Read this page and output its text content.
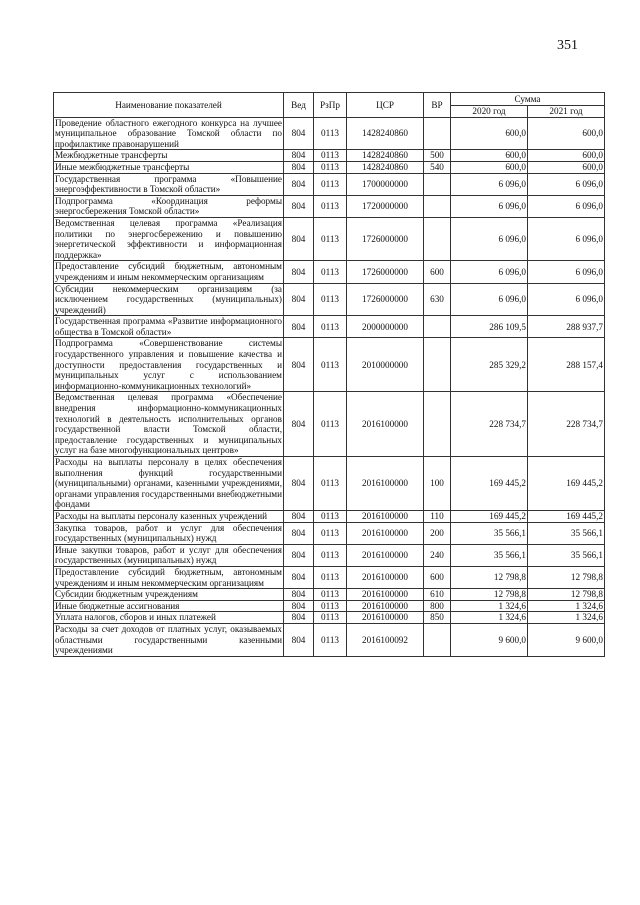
351
Наименование показателей	Вед	РзПр	ЦСР	ВР	Сумма	
					2020 год	2021 год
Проведение областного ежегодного конкурса на лучшее муниципальное образование Томской области по профилактике правонарушений	804	0113	1428240860		600,0	600,0
Межбюджетные трансферты	804	0113	1428240860	500	600,0	600,0
Иные межбюджетные трансферты	804	0113	1428240860	540	600,0	600,0
Государственная программа «Повышение энергоэффективности в Томской области»	804	0113	1700000000		6 096,0	6 096,0
Подпрограмма «Координация реформы энергосбережения Томской области»	804	0113	1720000000		6 096,0	6 096,0
Ведомственная целевая программа «Реализация политики по энергосбережению и повышению энергетической эффективности и информационная поддержка»	804	0113	1726000000		6 096,0	6 096,0
Предоставление субсидий бюджетным, автономным учреждениям и иным некоммерческим организациям	804	0113	1726000000	600	6 096,0	6 096,0
Субсидии некоммерческим организациям (за исключением государственных (муниципальных) учреждений)	804	0113	1726000000	630	6 096,0	6 096,0
Государственная программа «Развитие информационного общества в Томской области»	804	0113	2000000000		286 109,5	288 937,7
Подпрограмма «Совершенствование системы государственного управления и повышение качества и доступности предоставления государственных и муниципальных услуг с использованием информационно-коммуникационных технологий»	804	0113	2010000000		285 329,2	288 157,4
Ведомственная целевая программа «Обеспечение внедрения информационно-коммуникационных технологий в деятельность исполнительных органов государственной власти Томской области, предоставление государственных и муниципальных услуг на базе многофункциональных центров»	804	0113	2016100000		228 734,7	228 734,7
Расходы на выплаты персоналу в целях обеспечения выполнения функций государственными (муниципальными) органами, казенными учреждениями, органами управления государственными внебюджетными фондами	804	0113	2016100000	100	169 445,2	169 445,2
Расходы на выплаты персоналу казенных учреждений	804	0113	2016100000	110	169 445,2	169 445,2
Закупка товаров, работ и услуг для обеспечения государственных (муниципальных) нужд	804	0113	2016100000	200	35 566,1	35 566,1
Иные закупки товаров, работ и услуг для обеспечения государственных (муниципальных) нужд	804	0113	2016100000	240	35 566,1	35 566,1
Предоставление субсидий бюджетным, автономным учреждениям и иным некоммерческим организациям	804	0113	2016100000	600	12 798,8	12 798,8
Субсидии бюджетным учреждениям	804	0113	2016100000	610	12 798,8	12 798,8
Иные бюджетные ассигнования	804	0113	2016100000	800	1 324,6	1 324,6
Уплата налогов, сборов и иных платежей	804	0113	2016100000	850	1 324,6	1 324,6
Расходы за счет доходов от платных услуг, оказываемых областными государственными казенными учреждениями	804	0113	2016100092		9 600,0	9 600,0
